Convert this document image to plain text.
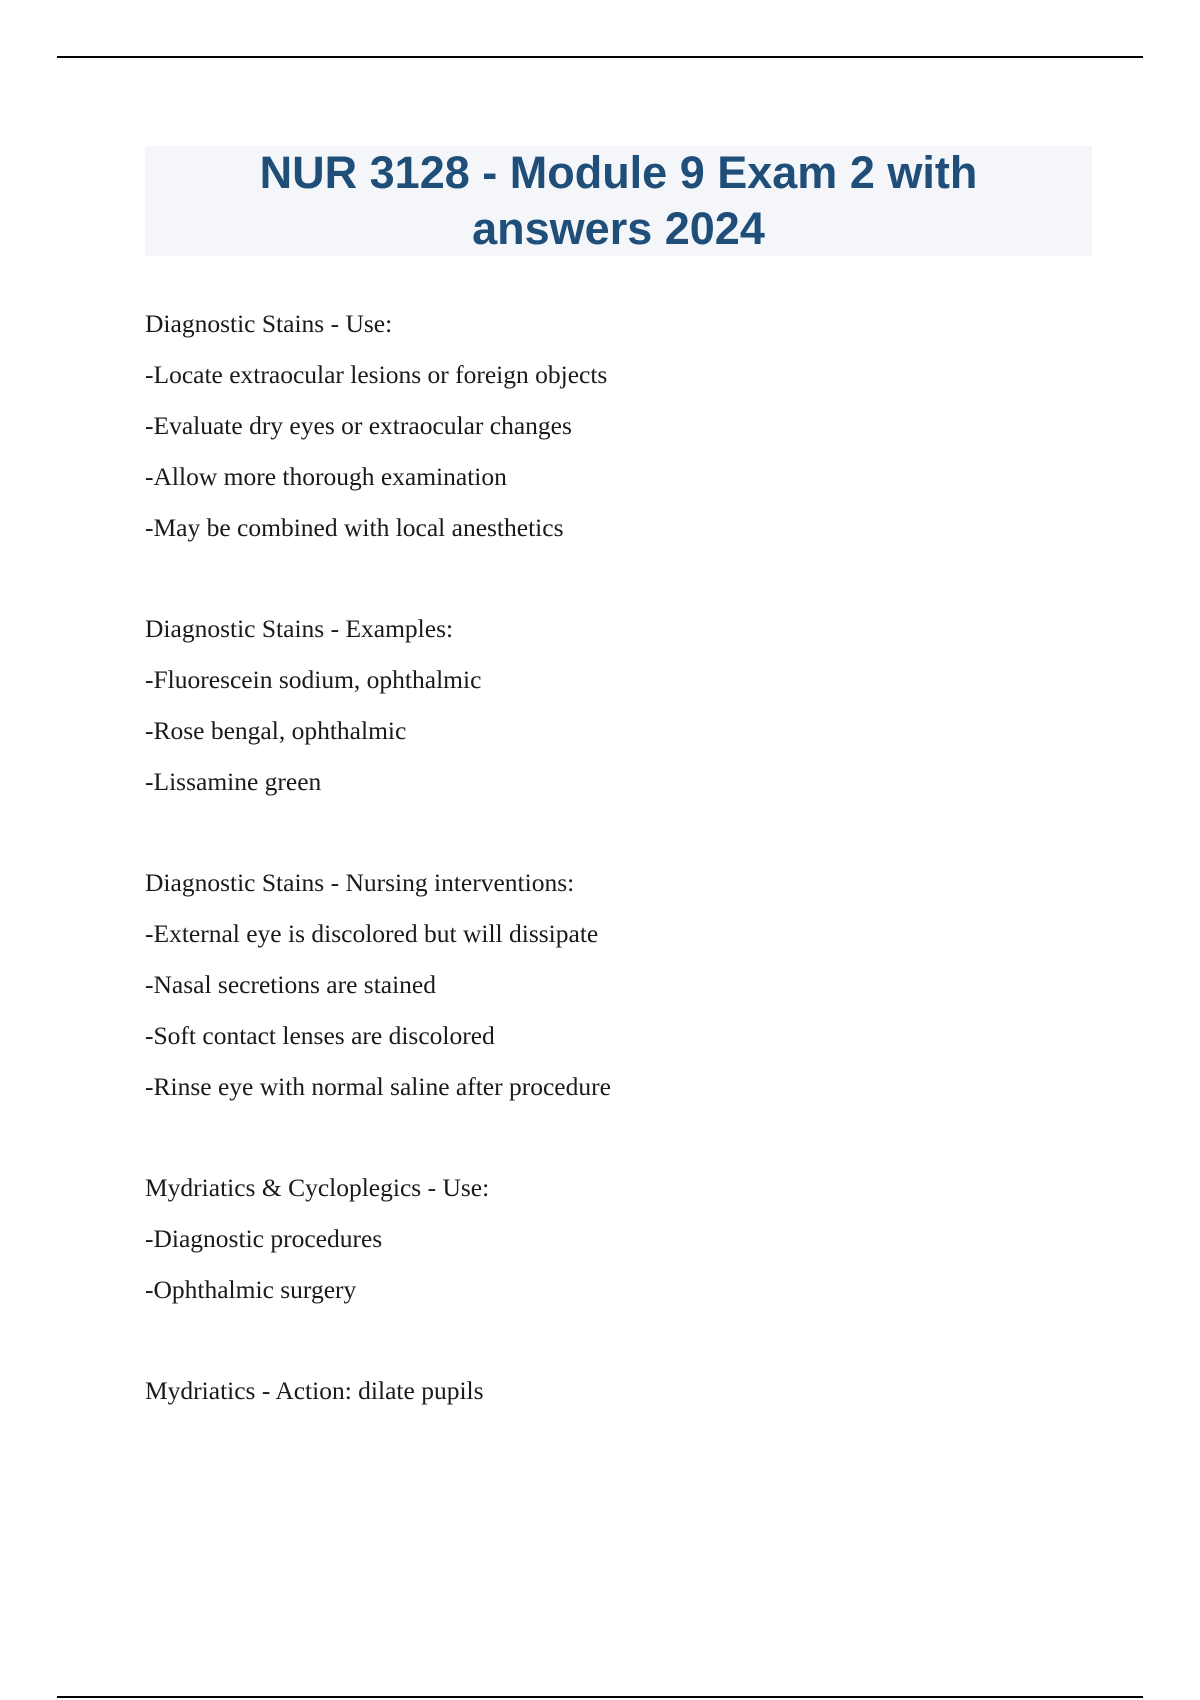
NUR 3128 - Module 9 Exam 2 with answers 2024
Diagnostic Stains - Use:
-Locate extraocular lesions or foreign objects
-Evaluate dry eyes or extraocular changes
-Allow more thorough examination
-May be combined with local anesthetics
Diagnostic Stains - Examples:
-Fluorescein sodium, ophthalmic
-Rose bengal, ophthalmic
-Lissamine green
Diagnostic Stains - Nursing interventions:
-External eye is discolored but will dissipate
-Nasal secretions are stained
-Soft contact lenses are discolored
-Rinse eye with normal saline after procedure
Mydriatics & Cycloplegics - Use:
-Diagnostic procedures
-Ophthalmic surgery
Mydriatics - Action: dilate pupils
